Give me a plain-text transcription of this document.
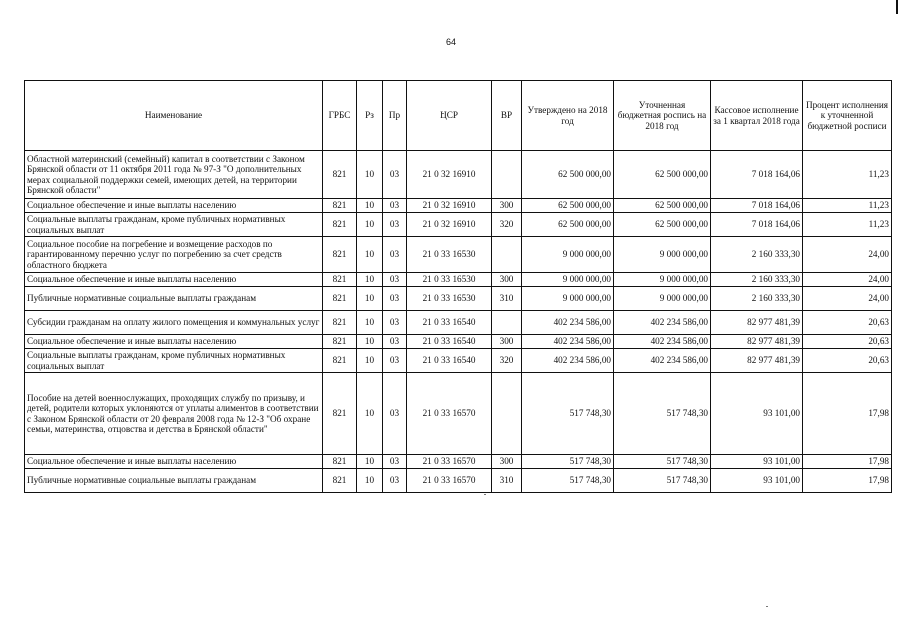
64
Наименование	ГРБС	Рз	Пр	ЦСР	ВР	Утверждено на 2018 год	Уточненная бюджетная роспись на 2018 год	Кассовое исполнение за 1 квартал 2018 года	Процент исполнения к уточненной бюджетной росписи
Областной материнский (семейный) капитал в соответствии с Законом Брянской области от 11 октября 2011 года № 97-З "О дополнительных мерах социальной поддержки семей, имеющих детей, на территории Брянской области"	821	10	03	21 0 32 16910		62 500 000,00	62 500 000,00	7 018 164,06	11,23
Социальное обеспечение и иные выплаты населению	821	10	03	21 0 32 16910	300	62 500 000,00	62 500 000,00	7 018 164,06	11,23
Социальные выплаты гражданам, кроме публичных нормативных социальных выплат	821	10	03	21 0 32 16910	320	62 500 000,00	62 500 000,00	7 018 164,06	11,23
Социальное пособие на погребение и возмещение расходов по гарантированному перечню услуг по погребению за счет средств областного бюджета	821	10	03	21 0 33 16530		9 000 000,00	9 000 000,00	2 160 333,30	24,00
Социальное обеспечение и иные выплаты населению	821	10	03	21 0 33 16530	300	9 000 000,00	9 000 000,00	2 160 333,30	24,00
Публичные нормативные социальные выплаты гражданам	821	10	03	21 0 33 16530	310	9 000 000,00	9 000 000,00	2 160 333,30	24,00
Субсидии гражданам на оплату жилого помещения и коммунальных услуг	821	10	03	21 0 33 16540		402 234 586,00	402 234 586,00	82 977 481,39	20,63
Социальное обеспечение и иные выплаты населению	821	10	03	21 0 33 16540	300	402 234 586,00	402 234 586,00	82 977 481,39	20,63
Социальные выплаты гражданам, кроме публичных нормативных социальных выплат	821	10	03	21 0 33 16540	320	402 234 586,00	402 234 586,00	82 977 481,39	20,63
Пособие на детей военнослужащих, проходящих службу по призыву, и детей, родители которых уклоняются от уплаты алиментов в соответствии с Законом Брянской области от 20 февраля 2008 года № 12-З "Об охране семьи, материнства, отцовства и детства в Брянской области"	821	10	03	21 0 33 16570		517 748,30	517 748,30	93 101,00	17,98
Социальное обеспечение и иные выплаты населению	821	10	03	21 0 33 16570	300	517 748,30	517 748,30	93 101,00	17,98
Публичные нормативные социальные выплаты гражданам	821	10	03	21 0 33 16570	310	517 748,30	517 748,30	93 101,00	17,98
